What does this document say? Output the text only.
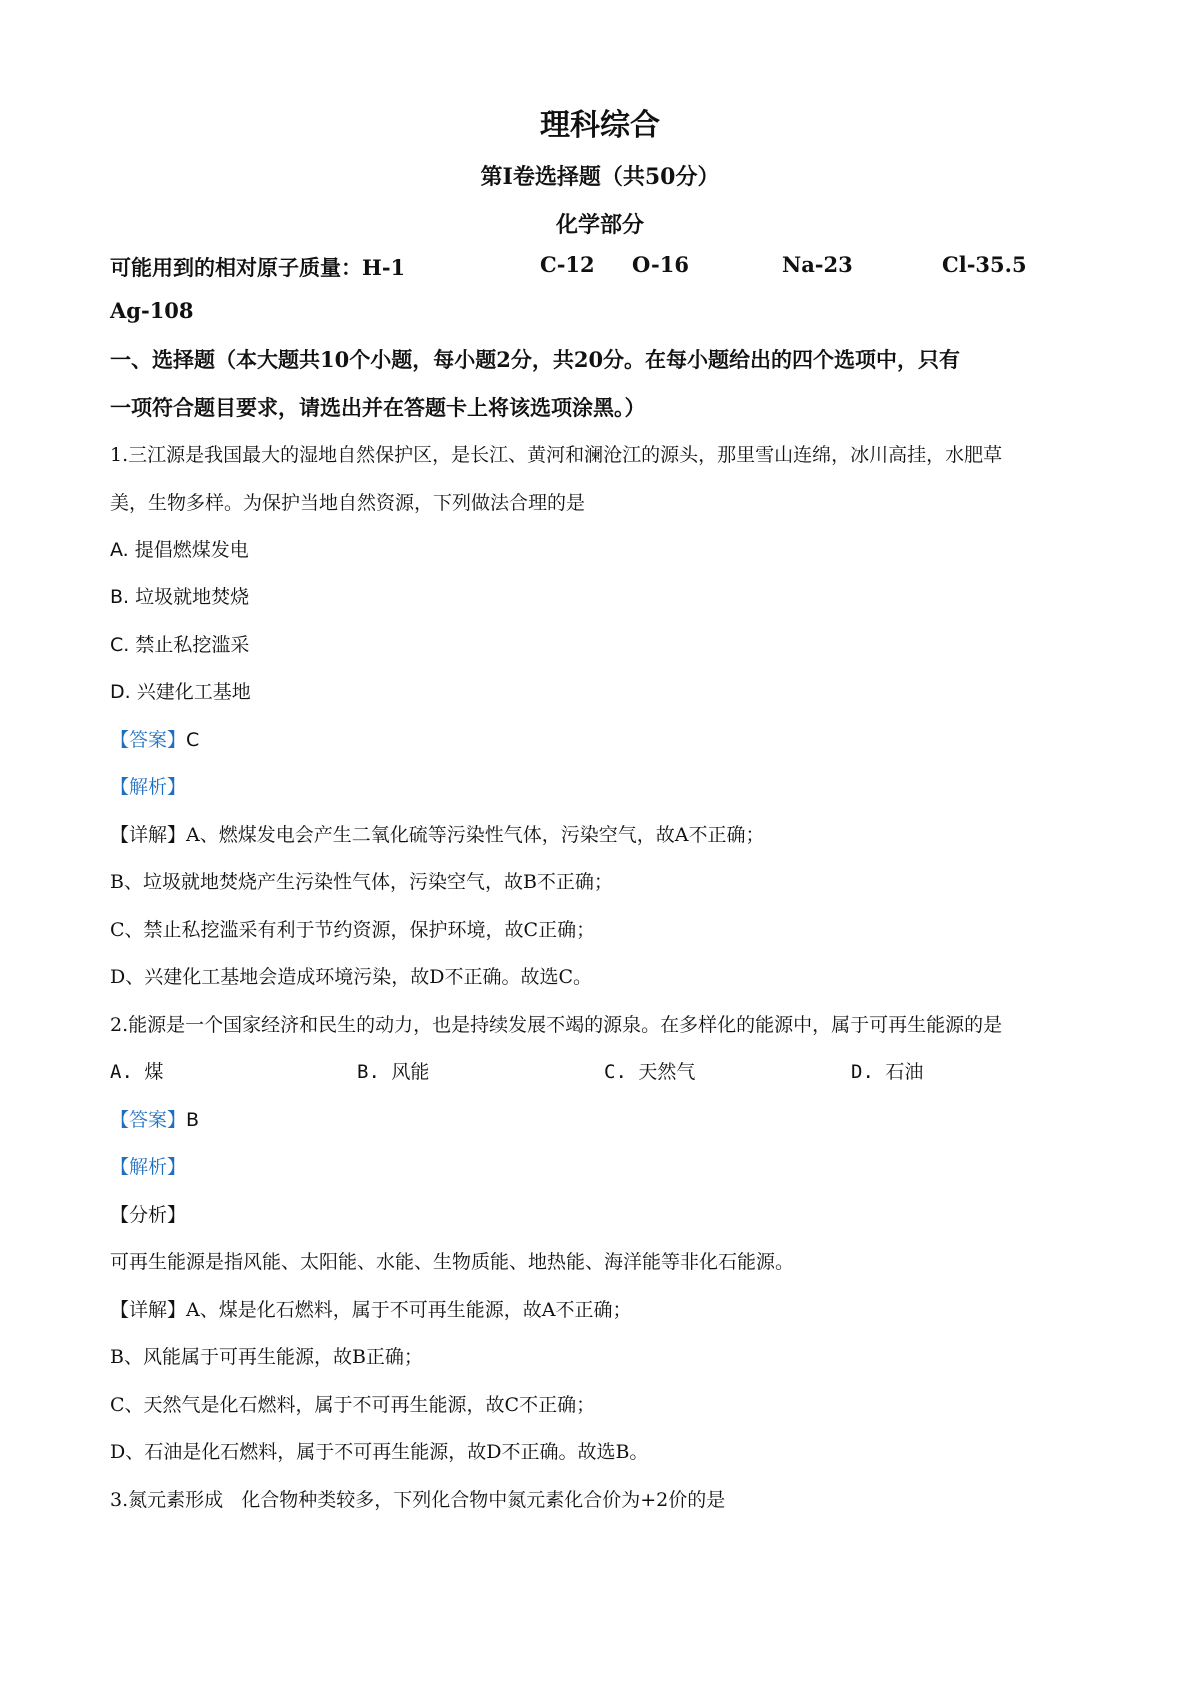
理科综合
第Ⅰ卷选择题（共50分）
化学部分
可能用到的相对原子质量：H-1	C-12 O-16	Na-23	Cl-35.5
Ag-108
一、选择题（本大题共10个小题，每小题2分，共20分。在每小题给出的四个选项中，只有
一项符合题目要求，请选出并在答题卡上将该选项涂黑。）
1.三江源是我国最大的湿地自然保护区，是长江、黄河和澜沧江的源头，那里雪山连绵，冰川高挂，水肥草
美，生物多样。为保护当地自然资源，下列做法合理的是
A. 提倡燃煤发电
B. 垃圾就地焚烧
C. 禁止私挖滥采
D. 兴建化工基地
【答案】C
【解析】
【详解】A、燃煤发电会产生二氧化硫等污染性气体，污染空气，故A不正确；
B、垃圾就地焚烧产生污染性气体，污染空气，故B不正确；
C、禁止私挖滥采有利于节约资源，保护环境，故C正确；
D、兴建化工基地会造成环境污染，故D不正确。故选C。
2.能源是一个国家经济和民生的动力，也是持续发展不竭的源泉。在多样化的能源中，属于可再生能源的是
A. 煤	B. 风能	C. 天然气	D. 石油
【答案】B
【解析】
【分析】
可再生能源是指风能、太阳能、水能、生物质能、地热能、海洋能等非化石能源。
【详解】A、煤是化石燃料，属于不可再生能源，故A不正确；
B、风能属于可再生能源，故B正确；
C、天然气是化石燃料，属于不可再生能源，故C不正确；
D、石油是化石燃料，属于不可再生能源，故D不正确。故选B。
3.氮元素形成   化合物种类较多，下列化合物中氮元素化合价为+2价的是
